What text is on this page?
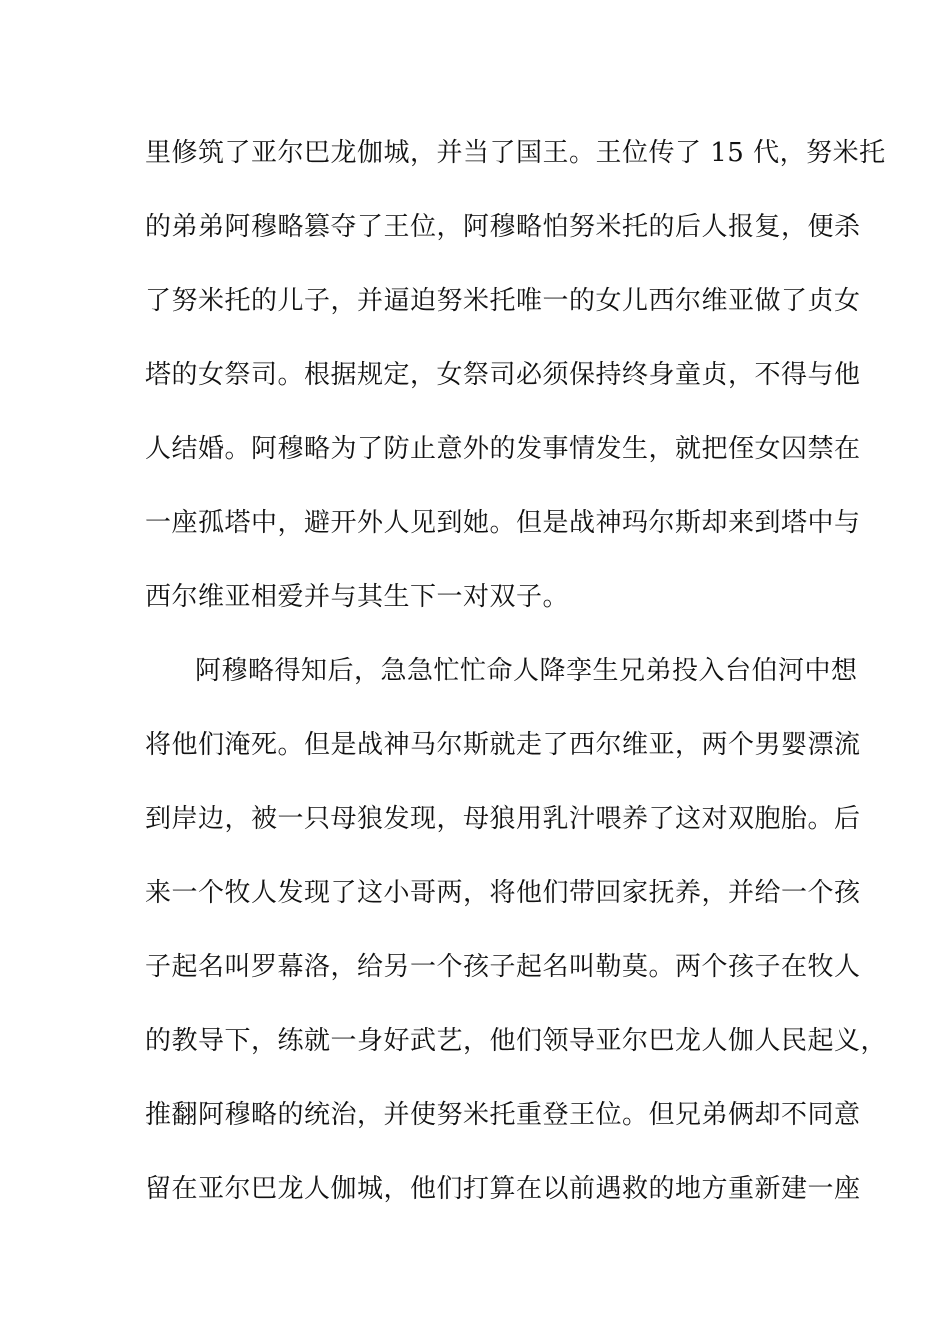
里修筑了亚尔巴龙伽城，并当了国王。王位传了 15 代，努米托
的弟弟阿穆略篡夺了王位，阿穆略怕努米托的后人报复，便杀
了努米托的儿子，并逼迫努米托唯一的女儿西尔维亚做了贞女
塔的女祭司。根据规定，女祭司必须保持终身童贞，不得与他
人结婚。阿穆略为了防止意外的发事情发生，就把侄女囚禁在
一座孤塔中，避开外人见到她。但是战神玛尔斯却来到塔中与
西尔维亚相爱并与其生下一对双子。
阿穆略得知后，急急忙忙命人降孪生兄弟投入台伯河中想
将他们淹死。但是战神马尔斯就走了西尔维亚，两个男婴漂流
到岸边，被一只母狼发现，母狼用乳汁喂养了这对双胞胎。后
来一个牧人发现了这小哥两，将他们带回家抚养，并给一个孩
子起名叫罗幕洛，给另一个孩子起名叫勒莫。两个孩子在牧人
的教导下，练就一身好武艺，他们领导亚尔巴龙人伽人民起义，
推翻阿穆略的统治，并使努米托重登王位。但兄弟俩却不同意
留在亚尔巴龙人伽城，他们打算在以前遇救的地方重新建一座
